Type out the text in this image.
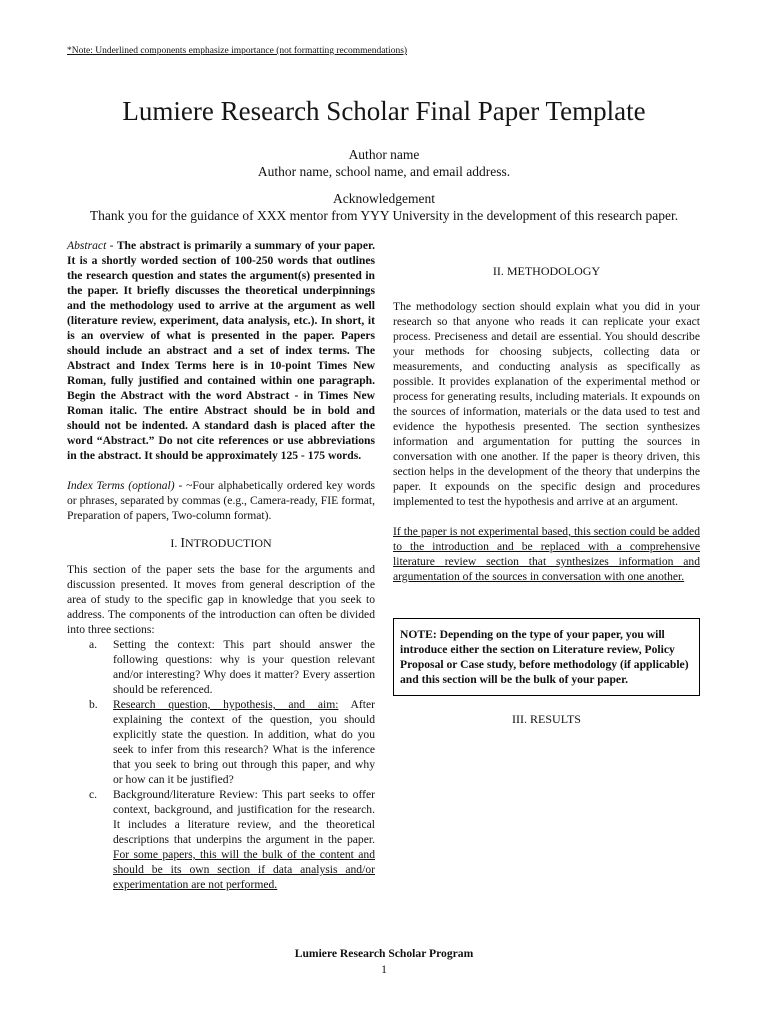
*Note: Underlined components emphasize importance (not formatting recommendations)
Lumiere Research Scholar Final Paper Template
Author name
Author name, school name, and email address.
Acknowledgement
Thank you for the guidance of XXX mentor from YYY University in the development of this research paper.

Abstract - The abstract is primarily a summary of your paper. It is a shortly worded section of 100-250 words that outlines the research question and states the argument(s) presented in the paper. It briefly discusses the theoretical underpinnings and the methodology used to arrive at the argument as well (literature review, experiment, data analysis, etc.). In short, it is an overview of what is presented in the paper. Papers should include an abstract and a set of index terms. The Abstract and Index Terms here is in 10-point Times New Roman, fully justified and contained within one paragraph. Begin the Abstract with the word Abstract - in Times New Roman italic. The entire Abstract should be in bold and should not be indented. A standard dash is placed after the word “Abstract.” Do not cite references or use abbreviations in the abstract. It should be approximately 125 - 175 words.

Index Terms (optional) - ~Four alphabetically ordered key words or phrases, separated by commas (e.g., Camera-ready, FIE format, Preparation of papers, Two-column format).

I. INTRODUCTION

This section of the paper sets the base for the arguments and discussion presented. It moves from general description of the area of study to the specific gap in knowledge that you seek to address. The components of the introduction can often be divided into three sections:

a. Setting the context: This part should answer the following questions: why is your question relevant and/or interesting? Why does it matter? Every assertion should be referenced.
b. Research question, hypothesis, and aim: After explaining the context of the question, you should explicitly state the question. In addition, what do you seek to infer from this research? What is the inference that you seek to bring out through this paper, and why or how can it be justified?
c. Background/literature Review: This part seeks to offer context, background, and justification for the research. It includes a literature review, and the theoretical descriptions that underpins the argument in the paper. For some papers, this will the bulk of the content and should be its own section if data analysis and/or experimentation are not performed.
II. METHODOLOGY

The methodology section should explain what you did in your research so that anyone who reads it can replicate your exact process. Preciseness and detail are essential. You should describe your methods for choosing subjects, collecting data or measurements, and conducting analysis as specifically as possible. It provides explanation of the experimental method or process for generating results, including materials. It expounds on the sources of information, materials or the data used to test and evidence the hypothesis presented. The section synthesizes information and argumentation for putting the sources in conversation with one another. If the paper is theory driven, this section helps in the development of the theory that underpins the paper. It expounds on the specific design and procedures implemented to test the hypothesis and arrive at an argument.

If the paper is not experimental based, this section could be added to the introduction and be replaced with a comprehensive literature review section that synthesizes information and argumentation of the sources in conversation with one another.

NOTE: Depending on the type of your paper, you will introduce either the section on Literature review, Policy Proposal or Case study, before methodology (if applicable) and this section will be the bulk of your paper.
III. RESULTS
Lumiere Research Scholar Program
1
